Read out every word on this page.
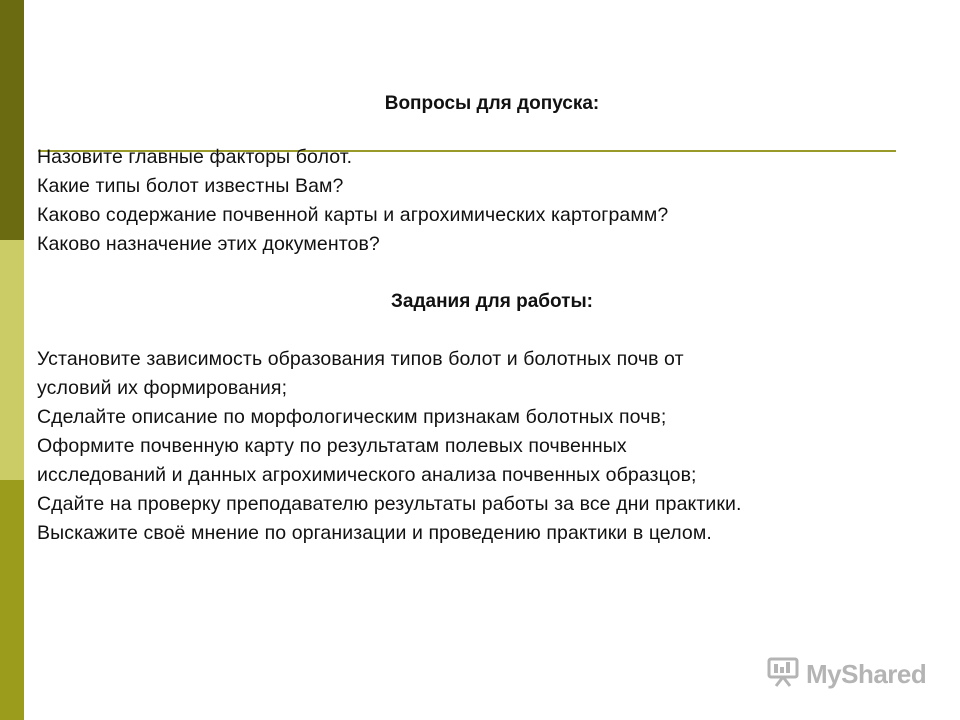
Вопросы для допуска:
Назовите главные факторы болот.
Какие типы болот известны Вам?
Каково содержание почвенной карты и агрохимических картограмм?
Каково назначение этих документов?
Задания для работы:
Установите зависимость образования типов болот и болотных почв от
условий их формирования;
Сделайте описание по морфологическим признакам болотных почв;
Оформите почвенную карту по результатам полевых почвенных
исследований и данных агрохимического анализа почвенных образцов;
Сдайте на проверку преподавателю результаты работы за все дни практики.
Выскажите своё мнение по организации и проведению практики в целом.
MyShared
